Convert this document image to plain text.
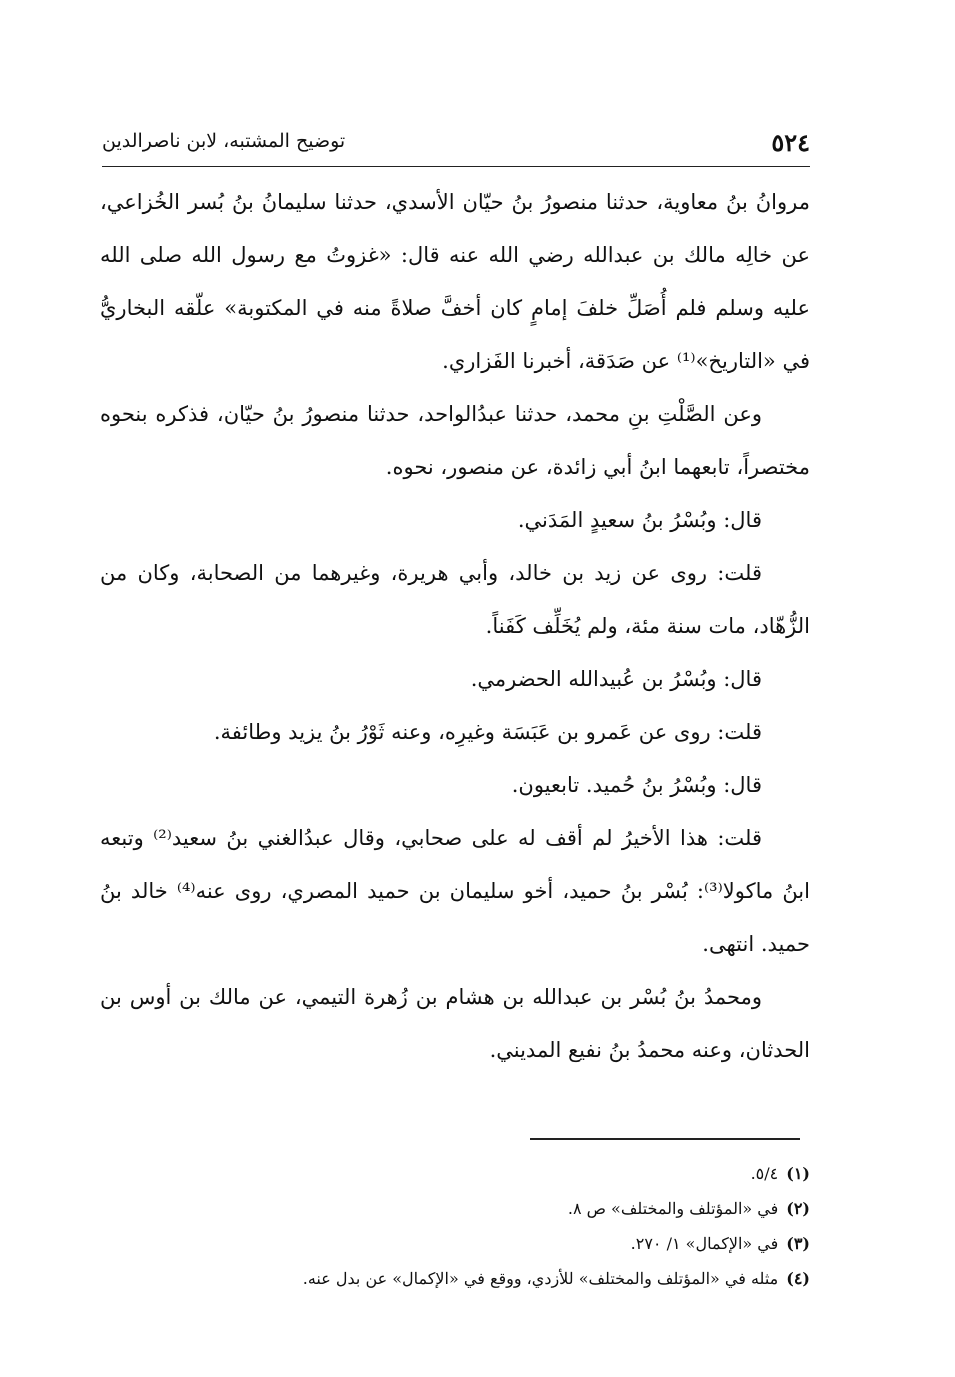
٥٢٤
توضيح المشتبه، لابن ناصرالدين

مروانُ بنُ معاوية، حدثنا منصورُ بنُ حيّان الأسدي، حدثنا سليمانُ بنُ بُسر الخُزاعي، عن خالِه مالك بن عبدالله رضي الله عنه قال: «غزوتُ مع رسول الله صلى الله عليه وسلم فلم أُصَلِّ خلفَ إمامٍ كان أخفَّ صلاةً منه في المكتوبة» علّقه البخاريُّ في «التاريخ»⁽¹⁾ عن صَدَقة، أخبرنا الفَزاري.

وعن الصَّلْتِ بنِ محمد، حدثنا عبدُالواحد، حدثنا منصورُ بنُ حيّان، فذكره بنحوه مختصراً، تابعهما ابنُ أبي زائدة، عن منصور، نحوه.

قال: وبُسْرُ بنُ سعيدٍ المَدَني.

قلت: روى عن زيد بن خالد، وأبي هريرة، وغيرهما من الصحابة، وكان من الزُّهّاد، مات سنة مئة، ولم يُخَلِّف كَفَناً.

قال: وبُسْرُ بن عُبيدالله الحضرمي.

قلت: روى عن عَمرو بن عَبَسَة وغيرِه، وعنه ثَوْرُ بنُ يزيد وطائفة.

قال: وبُسْرُ بنُ حُميد. تابعيون.

قلت: هذا الأخيرُ لم أقف له على صحابي، وقال عبدُالغني بنُ سعيد⁽²⁾ وتبعه ابنُ ماكولا⁽³⁾: بُسْر بنُ حميد، أخو سليمان بن حميد المصري، روى عنه⁽⁴⁾ خالد بنُ حميد. انتهى.

ومحمدُ بنُ بُسْر بن عبدالله بن هشام بن زُهرة التيمي، عن مالك بن أوس بن الحدثان، وعنه محمدُ بنُ نفيع المديني.

(١)٥/٤.

(٢)في «المؤتلف والمختلف» ص ٨.

(٣)في «الإكمال» ١/ ٢٧٠.

(٤)مثله في «المؤتلف والمختلف» للأزدي، ووقع في «الإكمال» عن بدل عنه.
